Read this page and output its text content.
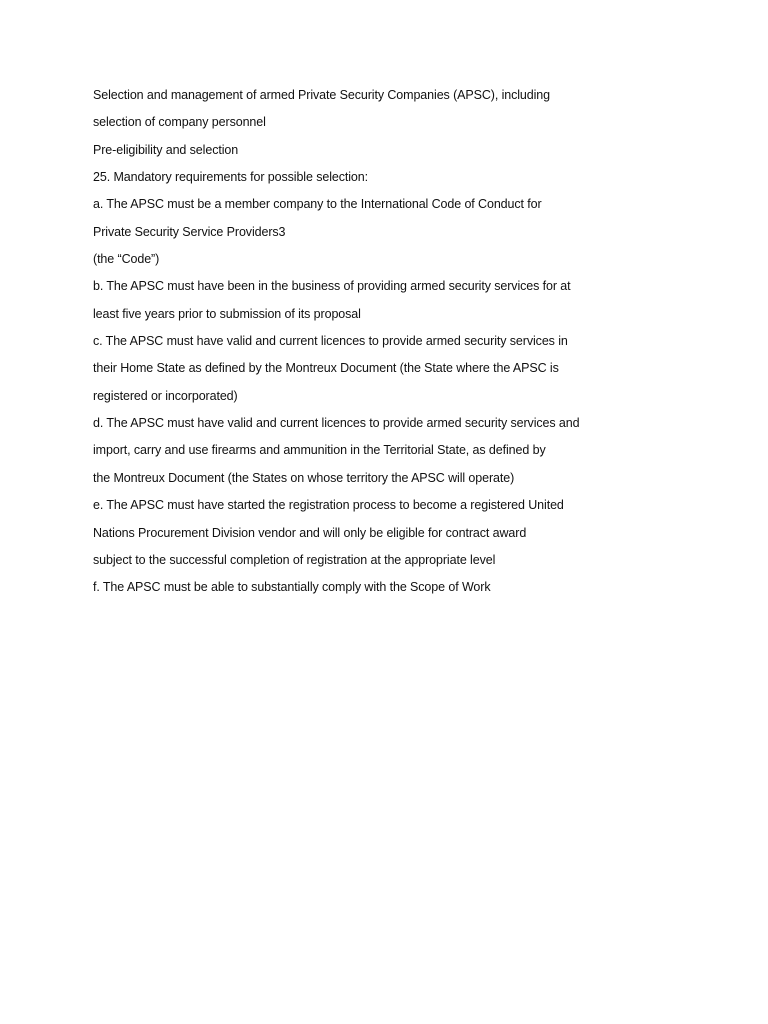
Selection and management of armed Private Security Companies (APSC), including
selection of company personnel
Pre-eligibility and selection
25. Mandatory requirements for possible selection:
a. The APSC must be a member company to the International Code of Conduct for
Private Security Service Providers3
(the “Code”)
b. The APSC must have been in the business of providing armed security services for at
least five years prior to submission of its proposal
c. The APSC must have valid and current licences to provide armed security services in
their Home State as defined by the Montreux Document (the State where the APSC is
registered or incorporated)
d. The APSC must have valid and current licences to provide armed security services and
import, carry and use firearms and ammunition in the Territorial State, as defined by
the Montreux Document (the States on whose territory the APSC will operate)
e. The APSC must have started the registration process to become a registered United
Nations Procurement Division vendor and will only be eligible for contract award
subject to the successful completion of registration at the appropriate level
f. The APSC must be able to substantially comply with the Scope of Work
